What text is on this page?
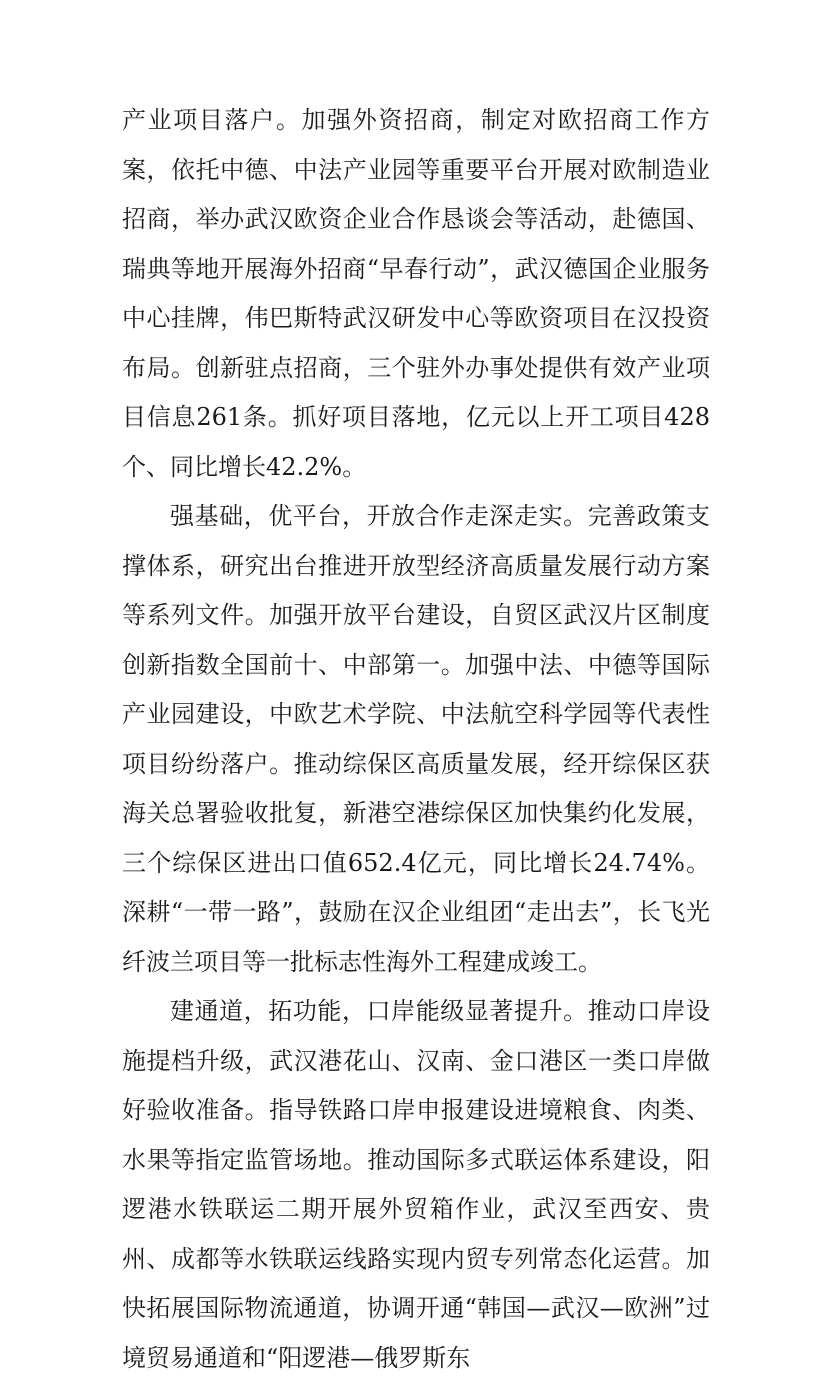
产业项目落户。加强外资招商，制定对欧招商工作方案，依托中德、中法产业园等重要平台开展对欧制造业招商，举办武汉欧资企业合作恳谈会等活动，赴德国、瑞典等地开展海外招商“早春行动”，武汉德国企业服务中心挂牌，伟巴斯特武汉研发中心等欧资项目在汉投资布局。创新驻点招商，三个驻外办事处提供有效产业项目信息261条。抓好项目落地，亿元以上开工项目428个、同比增长42.2%。

强基础，优平台，开放合作走深走实。完善政策支撑体系，研究出台推进开放型经济高质量发展行动方案等系列文件。加强开放平台建设，自贸区武汉片区制度创新指数全国前十、中部第一。加强中法、中德等国际产业园建设，中欧艺术学院、中法航空科学园等代表性项目纷纷落户。推动综保区高质量发展，经开综保区获海关总署验收批复，新港空港综保区加快集约化发展，三个综保区进出口值652.4亿元，同比增长24.74%。深耕“一带一路”，鼓励在汉企业组团“走出去”，长飞光纤波兰项目等一批标志性海外工程建成竣工。

建通道，拓功能，口岸能级显著提升。推动口岸设施提档升级，武汉港花山、汉南、金口港区一类口岸做好验收准备。指导铁路口岸申报建设进境粮食、肉类、水果等指定监管场地。推动国际多式联运体系建设，阳逻港水铁联运二期开展外贸箱作业，武汉至西安、贵州、成都等水铁联运线路实现内贸专列常态化运营。加快拓展国际物流通道，协调开通“韩国—武汉—欧洲”过境贸易通道和“阳逻港—俄罗斯东
